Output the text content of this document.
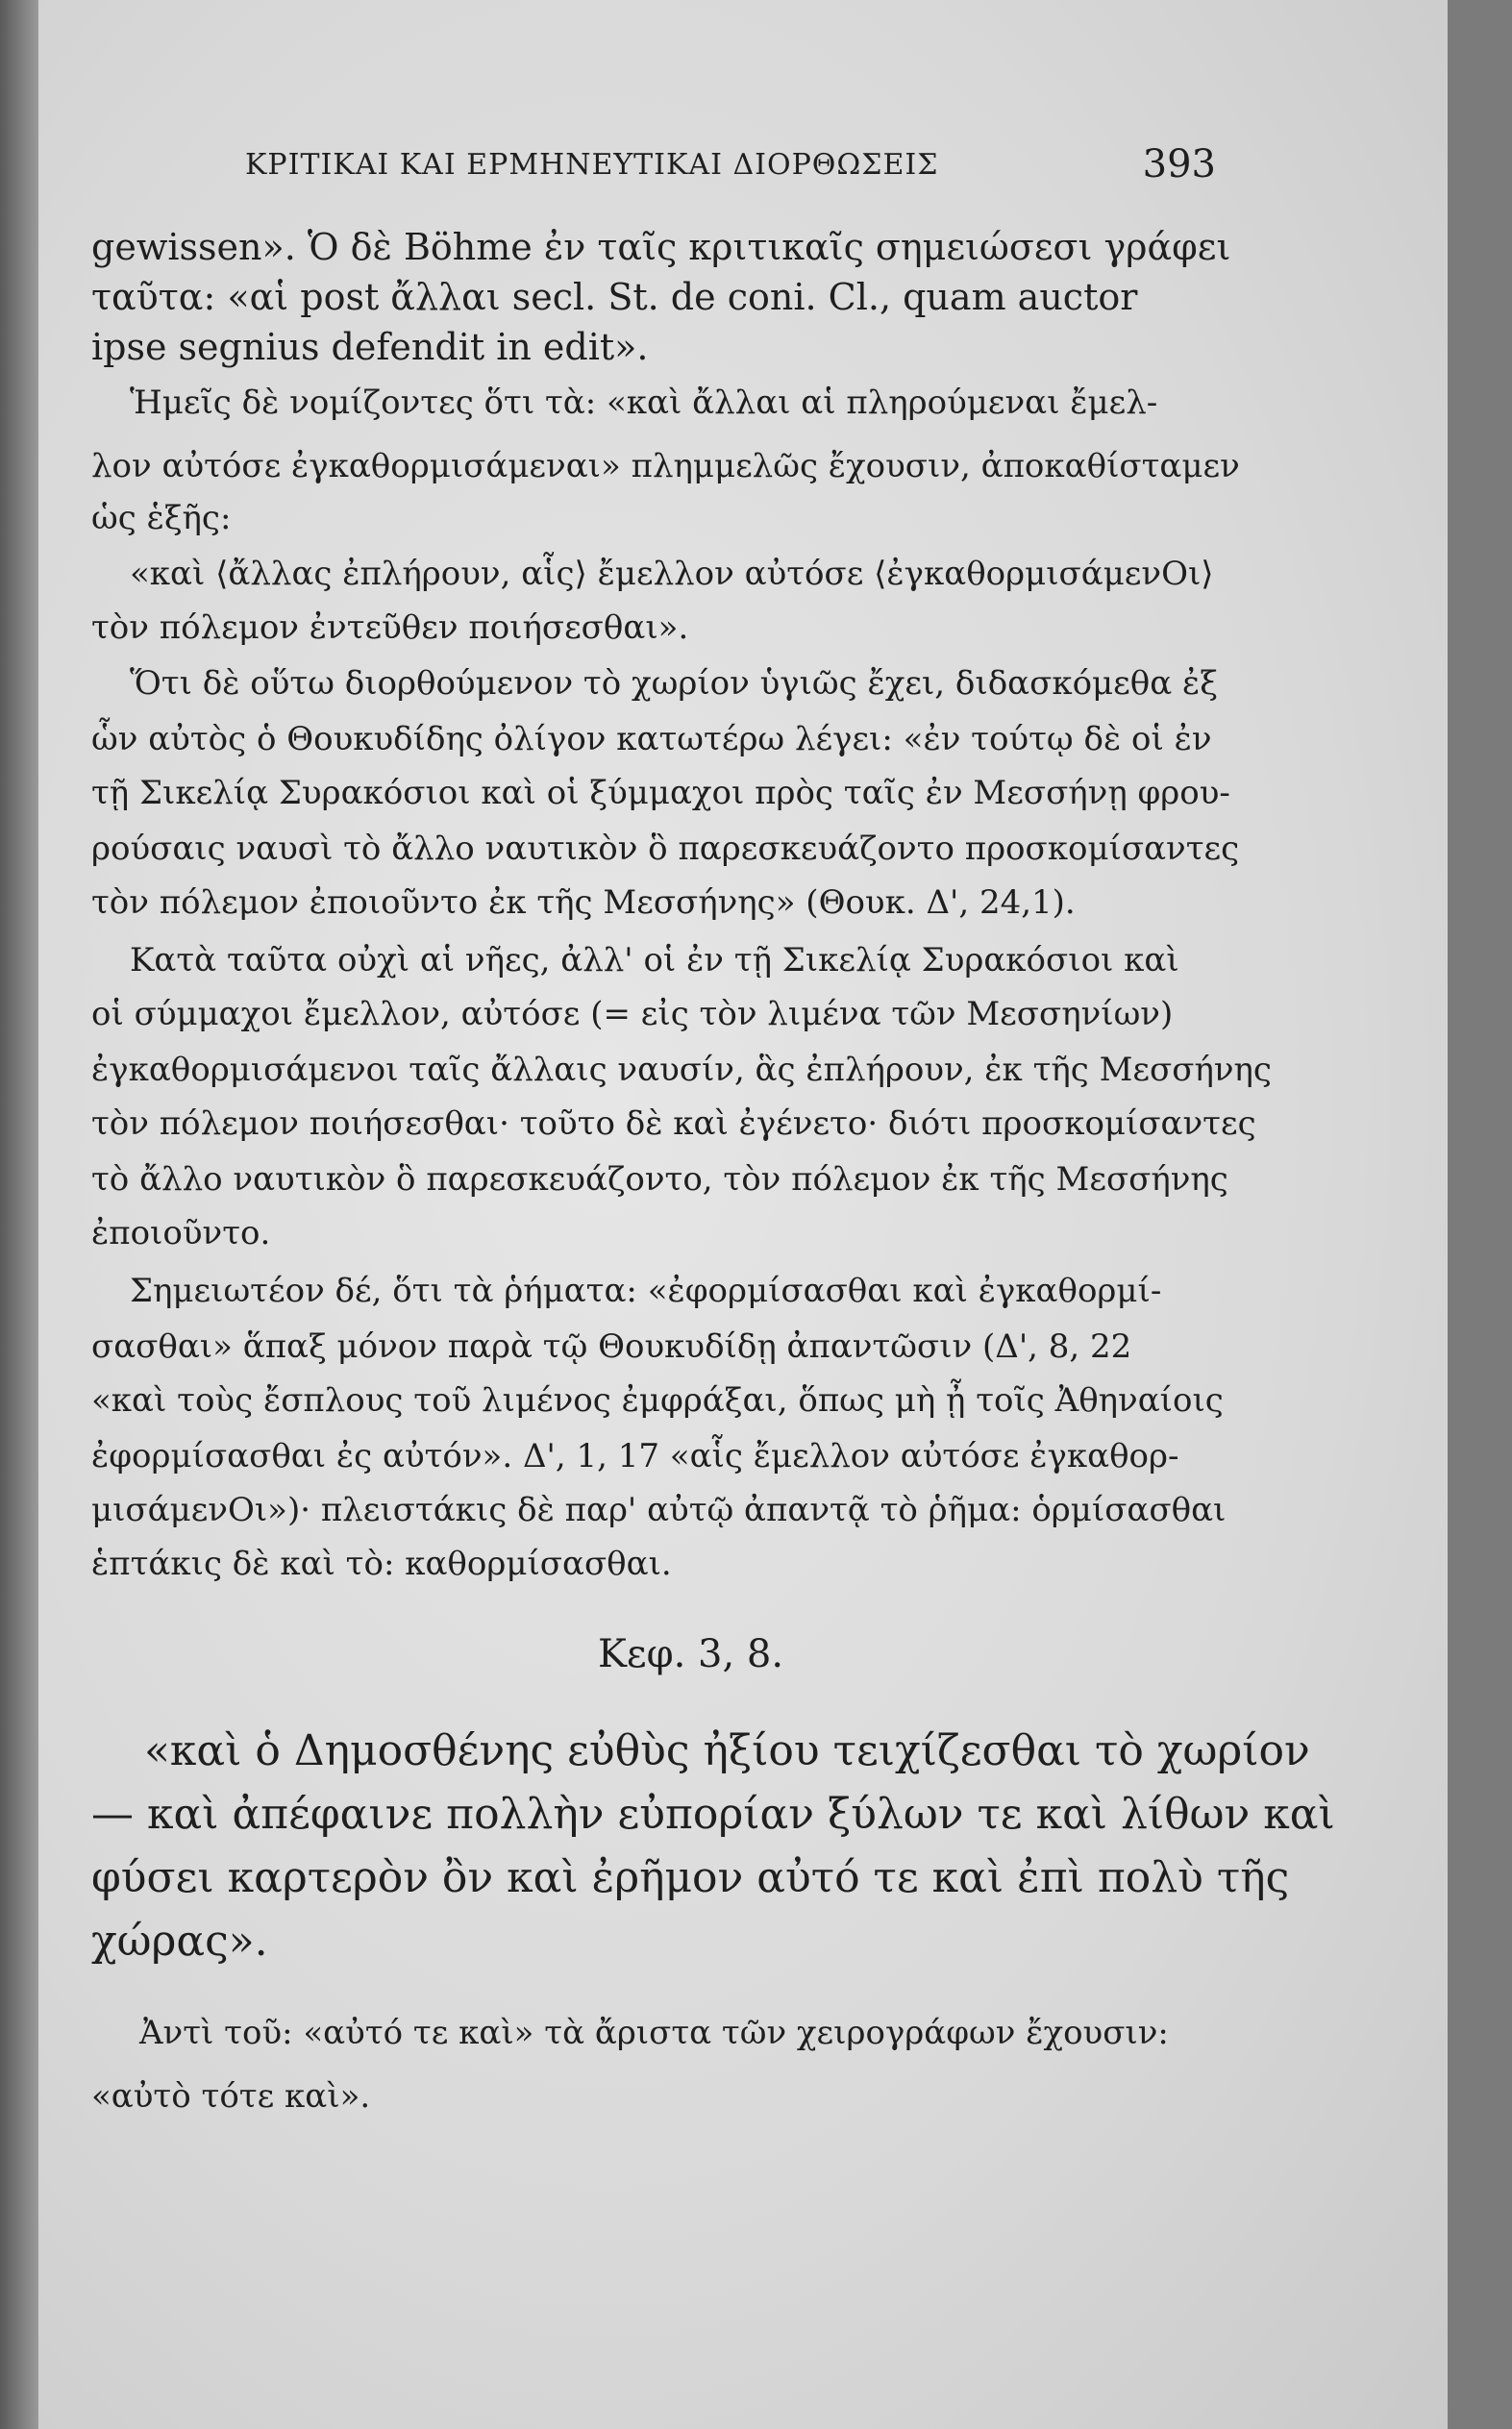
ΚΡΙΤΙΚΑΙ ΚΑΙ ΕΡΜΗΝΕΥΤΙΚΑΙ ΔΙΟΡΘΩΣΕΙΣ	393
gewissen». Ὁ δὲ Böhme ἐν ταῖς κριτικαῖς σημειώσεσι γράφει
ταῦτα: «αἱ post ἄλλαι secl. St. de coni. Cl., quam auctor
ipse segnius defendit in edit».
Ἡμεῖς δὲ νομίζοντες ὅτι τὰ: «καὶ ἄλλαι αἱ πληρούμεναι ἔμελ-
λον αὐτόσε ἐγκαθορμισάμεναι» πλημμελῶς ἔχουσιν, ἀποκαθίσταμεν
ὡς ἑξῆς:
«καὶ ⟨ἄλλας ἐπλήρουν, αἷς⟩ ἔμελλον αὐτόσε ⟨ἐγκαθορμισάμενΟι⟩
τὸν πόλεμον ἐντεῦθεν ποιήσεσθαι».
Ὅτι δὲ οὕτω διορθούμενον τὸ χωρίον ὑγιῶς ἔχει, διδασκόμεθα ἐξ
ὧν αὐτὸς ὁ Θουκυδίδης ὀλίγον κατωτέρω λέγει: «ἐν τούτῳ δὲ οἱ ἐν
τῇ Σικελίᾳ Συρακόσιοι καὶ οἱ ξύμμαχοι πρὸς ταῖς ἐν Μεσσήνῃ φρου-
ρούσαις ναυσὶ τὸ ἄλλο ναυτικὸν ὃ παρεσκευάζοντο προσκομίσαντες
τὸν πόλεμον ἐποιοῦντο ἐκ τῆς Μεσσήνης» (Θουκ. Δ', 24,1).
Κατὰ ταῦτα οὐχὶ αἱ νῆες, ἀλλ' οἱ ἐν τῇ Σικελίᾳ Συρακόσιοι καὶ
οἱ σύμμαχοι ἔμελλον, αὐτόσε (= εἰς τὸν λιμένα τῶν Μεσσηνίων)
ἐγκαθορμισάμενοι ταῖς ἄλλαις ναυσίν, ἃς ἐπλήρουν, ἐκ τῆς Μεσσήνης
τὸν πόλεμον ποιήσεσθαι· τοῦτο δὲ καὶ ἐγένετο· διότι προσκομίσαντες
τὸ ἄλλο ναυτικὸν ὃ παρεσκευάζοντο, τὸν πόλεμον ἐκ τῆς Μεσσήνης
ἐποιοῦντο.
Σημειωτέον δέ, ὅτι τὰ ῥήματα: «ἐφορμίσασθαι καὶ ἐγκαθορμί-
σασθαι» ἅπαξ μόνον παρὰ τῷ Θουκυδίδῃ ἀπαντῶσιν (Δ', 8, 22
«καὶ τοὺς ἔσπλους τοῦ λιμένος ἐμφράξαι, ὅπως μὴ ᾖ τοῖς Ἀθηναίοις
ἐφορμίσασθαι ἐς αὐτόν». Δ', 1, 17 «αἷς ἔμελλον αὐτόσε ἐγκαθορ-
μισάμενΟι»)· πλειστάκις δὲ παρ' αὐτῷ ἀπαντᾷ τὸ ῥῆμα: ὁρμίσασθαι
ἑπτάκις δὲ καὶ τὸ: καθορμίσασθαι.
Κεφ. 3, 8.
«καὶ ὁ Δημοσθένης εὐθὺς ἠξίου τειχίζεσθαι τὸ χωρίον
— καὶ ἀπέφαινε πολλὴν εὐπορίαν ξύλων τε καὶ λίθων καὶ
φύσει καρτερὸν ὂν καὶ ἐρῆμον αὐτό τε καὶ ἐπὶ πολὺ τῆς
χώρας».
Ἀντὶ τοῦ: «αὐτό τε καὶ» τὰ ἄριστα τῶν χειρογράφων ἔχουσιν:
«αὐτὸ τότε καὶ».
